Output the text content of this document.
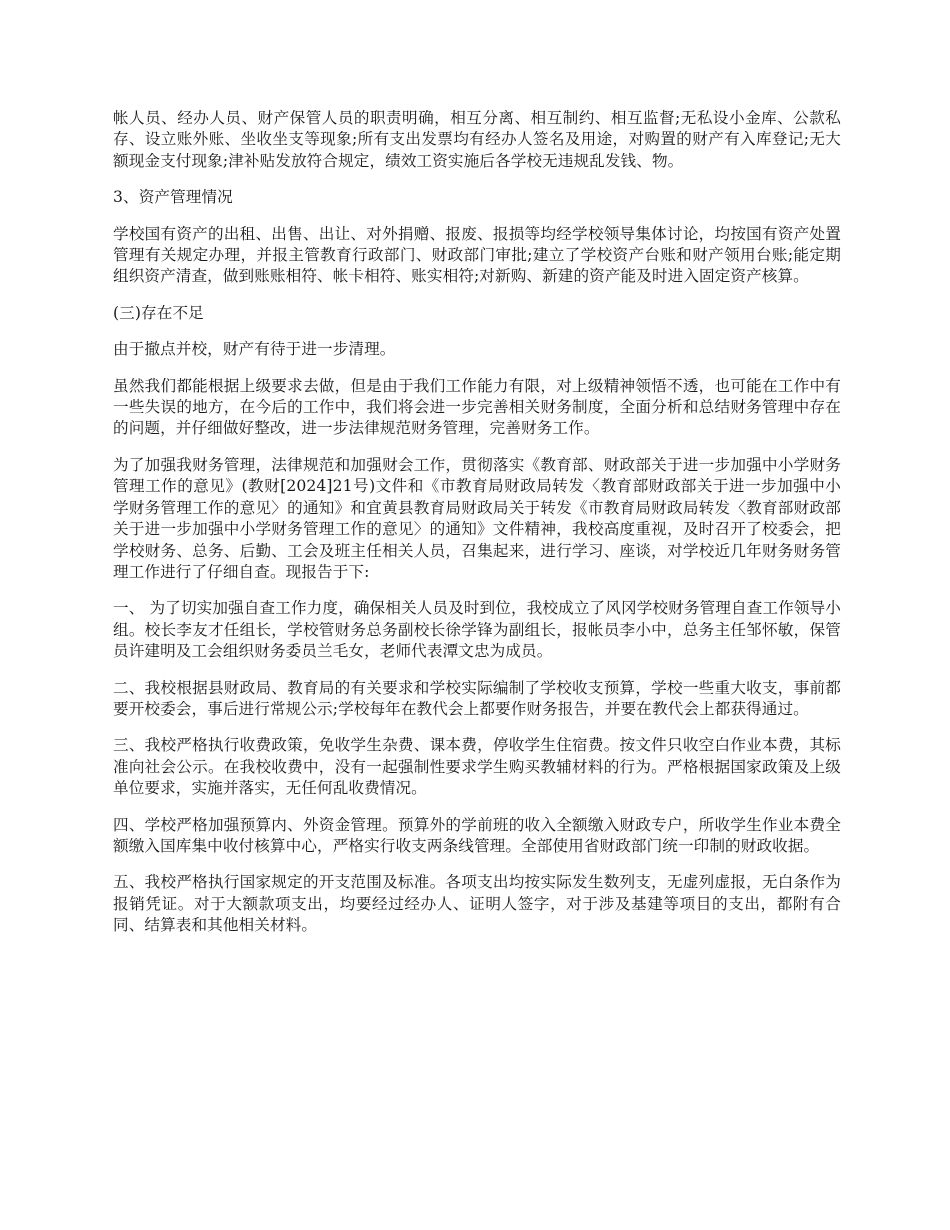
帐人员、经办人员、财产保管人员的职责明确，相互分离、相互制约、相互监督;无私设小金库、公款私存、设立账外账、坐收坐支等现象;所有支出发票均有经办人签名及用途，对购置的财产有入库登记;无大额现金支付现象;津补贴发放符合规定，绩效工资实施后各学校无违规乱发钱、物。

3、资产管理情况

学校国有资产的出租、出售、出让、对外捐赠、报废、报损等均经学校领导集体讨论，均按国有资产处置管理有关规定办理，并报主管教育行政部门、财政部门审批;建立了学校资产台账和财产领用台账;能定期组织资产清查，做到账账相符、帐卡相符、账实相符;对新购、新建的资产能及时进入固定资产核算。

(三)存在不足

由于撤点并校，财产有待于进一步清理。

虽然我们都能根据上级要求去做，但是由于我们工作能力有限，对上级精神领悟不透，也可能在工作中有一些失误的地方，在今后的工作中，我们将会进一步完善相关财务制度，全面分析和总结财务管理中存在的问题，并仔细做好整改，进一步法律规范财务管理，完善财务工作。

为了加强我财务管理，法律规范和加强财会工作，贯彻落实《教育部、财政部关于进一步加强中小学财务管理工作的意见》(教财[2024]21号)文件和《市教育局财政局转发〈教育部财政部关于进一步加强中小学财务管理工作的意见〉的通知》和宜黄县教育局财政局关于转发《市教育局财政局转发〈教育部财政部关于进一步加强中小学财务管理工作的意见〉的通知》文件精神，我校高度重视，及时召开了校委会，把学校财务、总务、后勤、工会及班主任相关人员，召集起来，进行学习、座谈，对学校近几年财务财务管理工作进行了仔细自查。现报告于下:

一、 为了切实加强自查工作力度，确保相关人员及时到位，我校成立了风冈学校财务管理自查工作领导小组。校长李友才任组长，学校管财务总务副校长徐学锋为副组长，报帐员李小中，总务主任邹怀敏，保管员许建明及工会组织财务委员兰毛女，老师代表潭文忠为成员。

二、我校根据县财政局、教育局的有关要求和学校实际编制了学校收支预算，学校一些重大收支，事前都要开校委会，事后进行常规公示;学校每年在教代会上都要作财务报告，并要在教代会上都获得通过。

三、我校严格执行收费政策，免收学生杂费、课本费，停收学生住宿费。按文件只收空白作业本费，其标准向社会公示。在我校收费中，没有一起强制性要求学生购买教辅材料的行为。严格根据国家政策及上级单位要求，实施并落实，无任何乱收费情况。

四、学校严格加强预算内、外资金管理。预算外的学前班的收入全额缴入财政专户，所收学生作业本费全额缴入国库集中收付核算中心，严格实行收支两条线管理。全部使用省财政部门统一印制的财政收据。

五、我校严格执行国家规定的开支范围及标准。各项支出均按实际发生数列支，无虚列虚报，无白条作为报销凭证。对于大额款项支出，均要经过经办人、证明人签字，对于涉及基建等项目的支出，都附有合同、结算表和其他相关材料。
